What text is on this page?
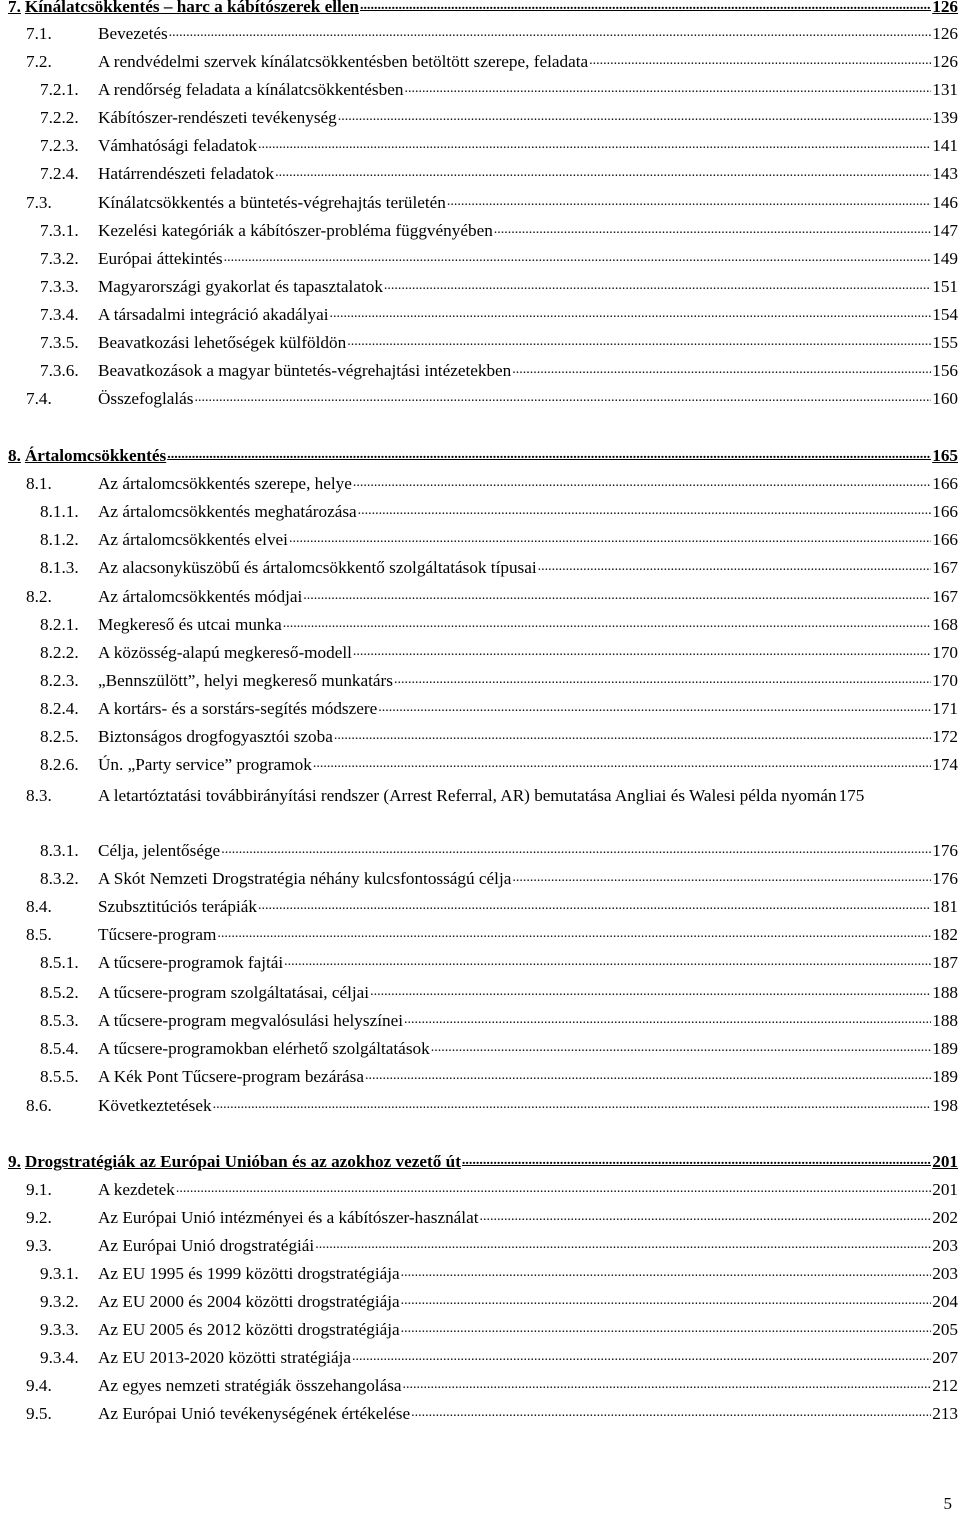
7. Kínálatcsökkentés – harc a kábítószerek ellen .....	126
7.1.	Bevezetés .....	126
7.2.	A rendvédelmi szervek kínálatcsökkentésben betöltött szerepe, feladata .....	126
7.2.1.	A rendőrség feladata a kínálatcsökkentésben .....	131
7.2.2.	Kábítószer-rendészeti tevékenység .....	139
7.2.3.	Vámhatósági feladatok .....	141
7.2.4.	Határrendészeti feladatok .....	143
7.3.	Kínálatcsökkentés a büntetés-végrehajtás területén .....	146
7.3.1.	Kezelési kategóriák a kábítószer-probléma függvényében .....	147
7.3.2.	Európai áttekintés .....	149
7.3.3.	Magyarországi gyakorlat és tapasztalatok .....	151
7.3.4.	A társadalmi integráció akadályai .....	154
7.3.5.	Beavatkozási lehetőségek külföldön .....	155
7.3.6.	Beavatkozások a magyar büntetés-végrehajtási intézetekben .....	156
7.4.	Összefoglalás .....	160
8. Ártalomcsökkentés .....	165
8.1.	Az ártalomcsökkentés szerepe, helye .....	166
8.1.1.	Az ártalomcsökkentés meghatározása .....	166
8.1.2.	Az ártalomcsökkentés elvei .....	166
8.1.3.	Az alacsonyküszöbű és ártalomcsökkentő szolgáltatások típusai .....	167
8.2.	Az ártalomcsökkentés módjai .....	167
8.2.1.	Megkereső és utcai munka .....	168
8.2.2.	A közösség-alapú megkereső-modell .....	170
8.2.3.	„Bennszülött”, helyi megkereső munkatárs .....	170
8.2.4.	A kortárs- és a sorstárs-segítés módszere .....	171
8.2.5.	Biztonságos drogfogyasztói szoba .....	172
8.2.6.	Ún. „Party service” programok .....	174
8.3.	A letartóztatási továbbirányítási rendszer (Arrest Referral, AR) bemutatása Angliai és Walesi példa nyomán 175
8.3.1.	Célja, jelentősége .....	176
8.3.2.	A Skót Nemzeti Drogstratégia néhány kulcsfontosságú célja .....	176
8.4.	Szubsztitúciós terápiák .....	181
8.5.	Tűcsere-program .....	182
8.5.1.	A tűcsere-programok fajtái .....	187
8.5.2.	A tűcsere-program szolgáltatásai, céljai .....	188
8.5.3.	A tűcsere-program megvalósulási helyszínei .....	188
8.5.4.	A tűcsere-programokban elérhető szolgáltatások .....	189
8.5.5.	A Kék Pont Tűcsere-program bezárása .....	189
8.6.	Következtetések .....	198
9. Drogstratégiák az Európai Unióban és az azokhoz vezető út .....	201
9.1.	A kezdetek .....	201
9.2.	Az Európai Unió intézményei és a kábítószer-használat .....	202
9.3.	Az Európai Unió drogstratégiái .....	203
9.3.1.	Az EU 1995 és 1999 közötti drogstratégiája .....	203
9.3.2.	Az EU 2000 és 2004 közötti drogstratégiája .....	204
9.3.3.	Az EU 2005 és 2012 közötti drogstratégiája .....	205
9.3.4.	Az EU 2013-2020 közötti stratégiája .....	207
9.4.	Az egyes nemzeti stratégiák összehangolása .....	212
9.5.	Az Európai Unió tevékenységének értékelése .....	213
5
